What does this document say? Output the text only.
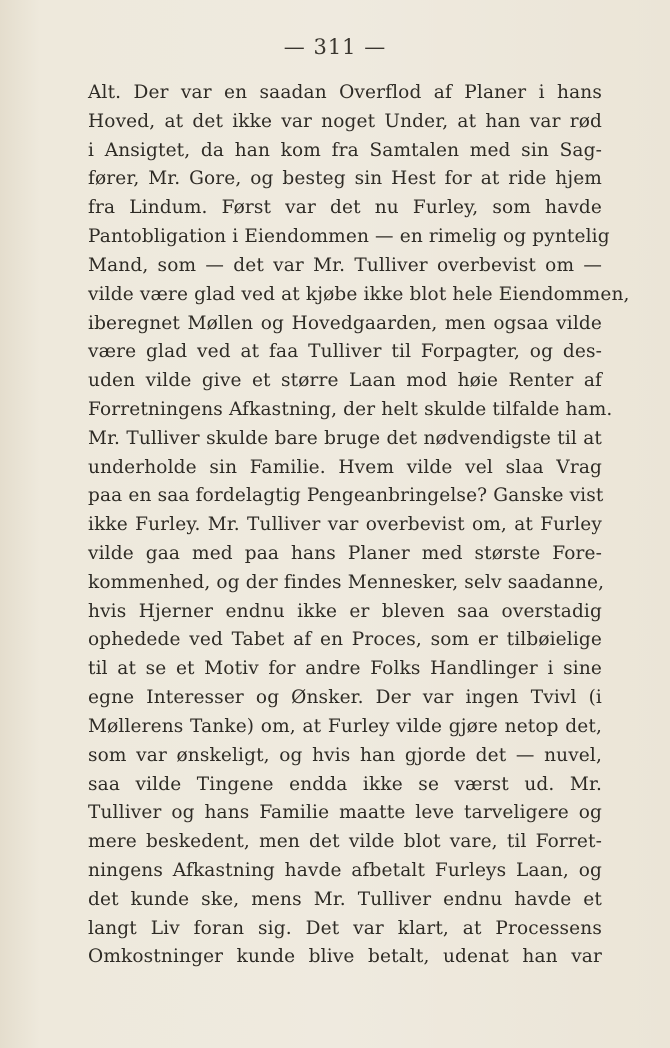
— 311 —
Alt. Der var en saadan Overflod af Planer i hans
Hoved, at det ikke var noget Under, at han var rød
i Ansigtet, da han kom fra Samtalen med sin Sag-
fører, Mr. Gore, og besteg sin Hest for at ride hjem
fra Lindum. Først var det nu Furley, som havde
Pantobligation i Eiendommen — en rimelig og pyntelig
Mand, som — det var Mr. Tulliver overbevist om —
vilde være glad ved at kjøbe ikke blot hele Eiendommen,
iberegnet Møllen og Hovedgaarden, men ogsaa vilde
være glad ved at faa Tulliver til Forpagter, og des-
uden vilde give et større Laan mod høie Renter af
Forretningens Afkastning, der helt skulde tilfalde ham.
Mr. Tulliver skulde bare bruge det nødvendigste til at
underholde sin Familie. Hvem vilde vel slaa Vrag
paa en saa fordelagtig Pengeanbringelse? Ganske vist
ikke Furley. Mr. Tulliver var overbevist om, at Furley
vilde gaa med paa hans Planer med største Fore-
kommenhed, og der findes Mennesker, selv saadanne,
hvis Hjerner endnu ikke er bleven saa overstadig
ophedede ved Tabet af en Proces, som er tilbøielige
til at se et Motiv for andre Folks Handlinger i sine
egne Interesser og Ønsker. Der var ingen Tvivl (i
Møllerens Tanke) om, at Furley vilde gjøre netop det,
som var ønskeligt, og hvis han gjorde det — nuvel,
saa vilde Tingene endda ikke se værst ud. Mr.
Tulliver og hans Familie maatte leve tarveligere og
mere beskedent, men det vilde blot vare, til Forret-
ningens Afkastning havde afbetalt Furleys Laan, og
det kunde ske, mens Mr. Tulliver endnu havde et
langt Liv foran sig. Det var klart, at Processens
Omkostninger kunde blive betalt, udenat han var
